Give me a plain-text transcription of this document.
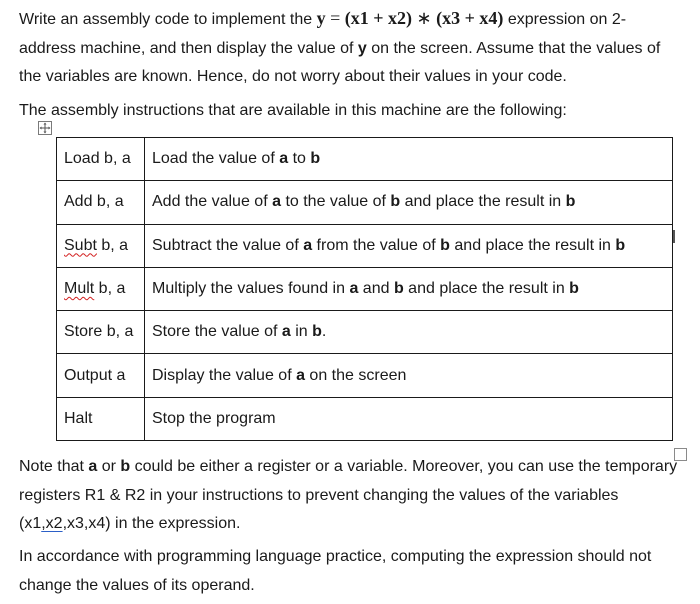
Write an assembly code to implement the y = (x1 + x2) ∗ (x3 + x4) expression on 2-address machine, and then display the value of y on the screen. Assume that the values of the variables are known. Hence, do not worry about their values in your code.

The assembly instructions that are available in this machine are the following:

Load b, a	Load the value of a to b
Add b, a	Add the value of a to the value of b and place the result in b
Subt b, a	Subtract the value of a from the value of b and place the result in b
Mult b, a	Multiply the values found in a and b and place the result in b
Store b, a	Store the value of a in b.
Output a	Display the value of a on the screen
Halt	Stop the program

Note that a or b could be either a register or a variable. Moreover, you can use the temporary registers R1 & R2 in your instructions to prevent changing the values of the variables (x1,x2,x3,x4) in the expression.

In accordance with programming language practice, computing the expression should not change the values of its operand.
